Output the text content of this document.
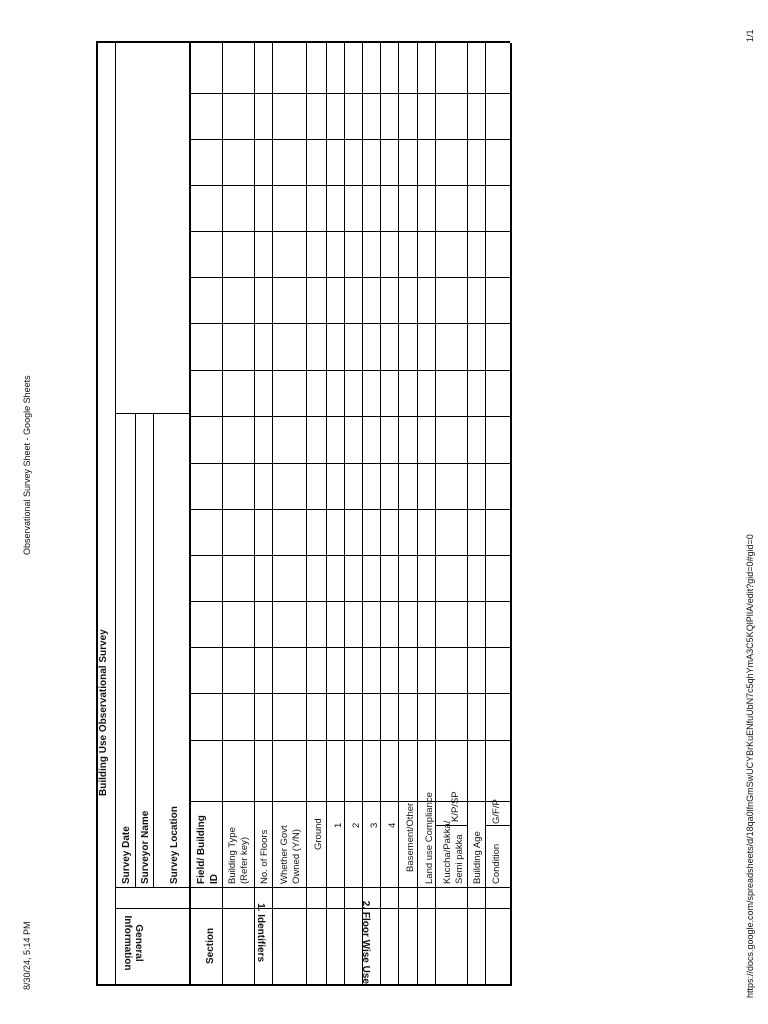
8/30/24, 5:14 PM
Observational Survey Sheet - Google Sheets
https://docs.google.com/spreadsheets/d/18qa0lfnGmSwUCYBrKuENfuUbN7c5qhYmA3C5KQlPlIA/edit?gid=0#gid=0
1/1
Building Use Observational Survey
General Information
Survey Date Surveyor Name Survey Location
Section
Field/ Building ID
1. Identifiers
Building Type (Refer key) No. of Floors Whether Govt Owned (Y/N)
2. Floor Wise Use
Ground 1 2 3 4 Basement/Other Land use Compliance Kuccha/Pakka/ Semi pakka
K/P/SP
Building Age Condition
G/F/P
